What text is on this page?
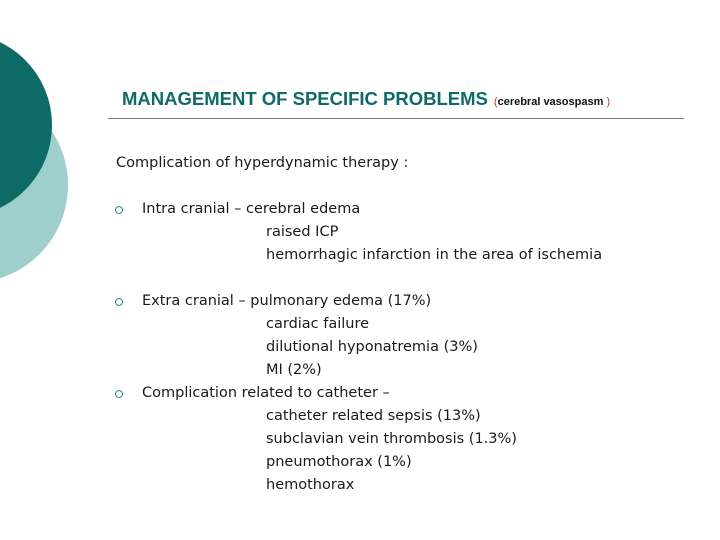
MANAGEMENT OF SPECIFIC PROBLEMS (cerebral vasospasm )
Complication of hyperdynamic therapy :
Intra cranial – cerebral edema
raised ICP
hemorrhagic infarction in the area of ischemia
Extra cranial – pulmonary edema (17%)
cardiac failure
dilutional hyponatremia (3%)
MI (2%)
Complication related to catheter –
catheter related sepsis (13%)
subclavian vein thrombosis (1.3%)
pneumothorax (1%)
hemothorax
